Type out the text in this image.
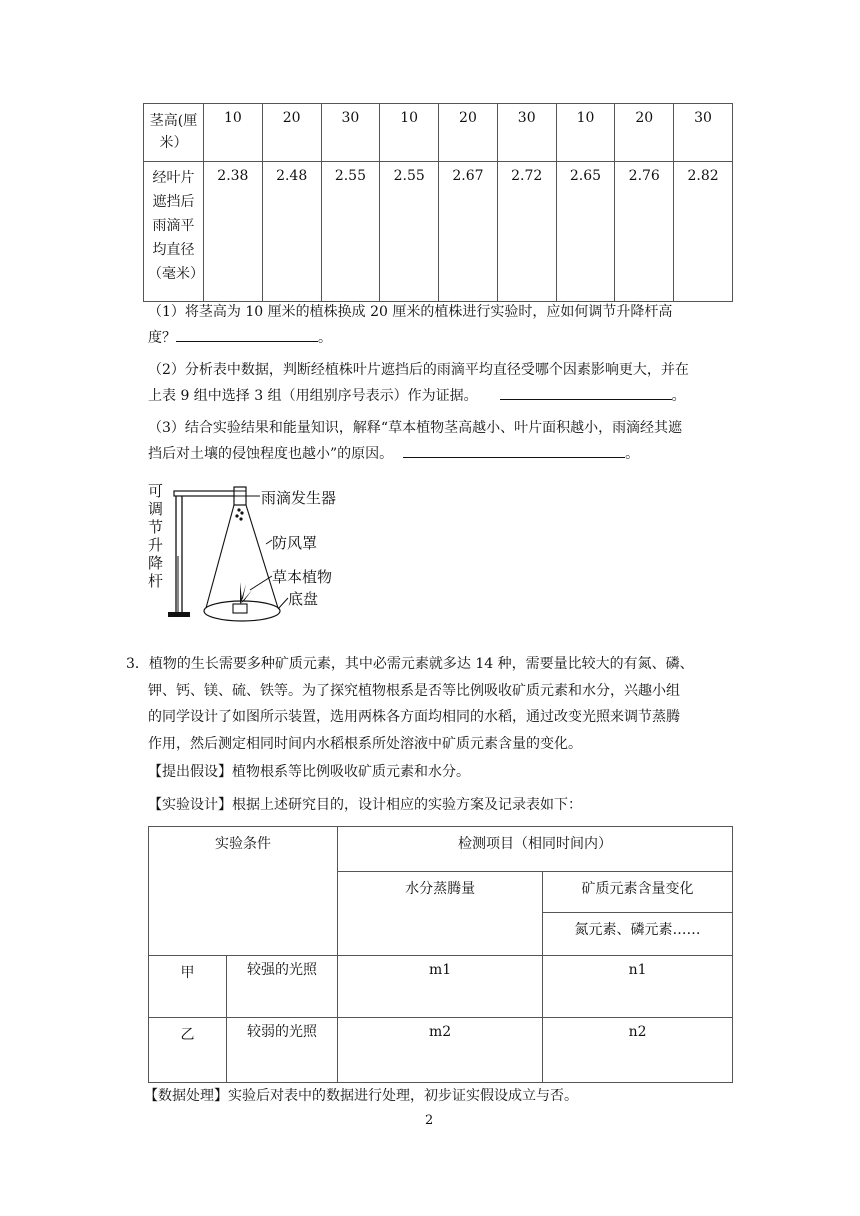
茎高(厘米）	10	20	30	10	20	30	10	20	30
经叶片遮挡后雨滴平均直径（毫米）	2.38	2.48	2.55	2.55	2.67	2.72	2.65	2.76	2.82
（1）将茎高为 10 厘米的植株换成 20 厘米的植株进行实验时，应如何调节升降杆高
度？	。
（2）分析表中数据，判断经植株叶片遮挡后的雨滴平均直径受哪个因素影响更大，并在
上表 9 组中选择 3 组（用组别序号表示）作为证据。	。
（3）结合实验结果和能量知识，解释“草本植物茎高越小、叶片面积越小，雨滴经其遮
挡后对土壤的侵蚀程度也越小”的原因。	。
可
调
节
升
降
杆
雨滴发生器
防风罩
草本植物
底盘
3．植物的生长需要多种矿质元素，其中必需元素就多达 14 种，需要量比较大的有氮、磷、
钾、钙、镁、硫、铁等。为了探究植物根系是否等比例吸收矿质元素和水分，兴趣小组
的同学设计了如图所示装置，选用两株各方面均相同的水稻，通过改变光照来调节蒸腾
作用，然后测定相同时间内水稻根系所处溶液中矿质元素含量的变化。
【提出假设】植物根系等比例吸收矿质元素和水分。
【实验设计】根据上述研究目的，设计相应的实验方案及记录表如下：
实验条件		检测项目（相同时间内）	
		水分蒸腾量	矿质元素含量变化
			氮元素、磷元素……
甲	较强的光照	m1	n1
乙	较弱的光照	m2	n2
【数据处理】实验后对表中的数据进行处理，初步证实假设成立与否。
2
